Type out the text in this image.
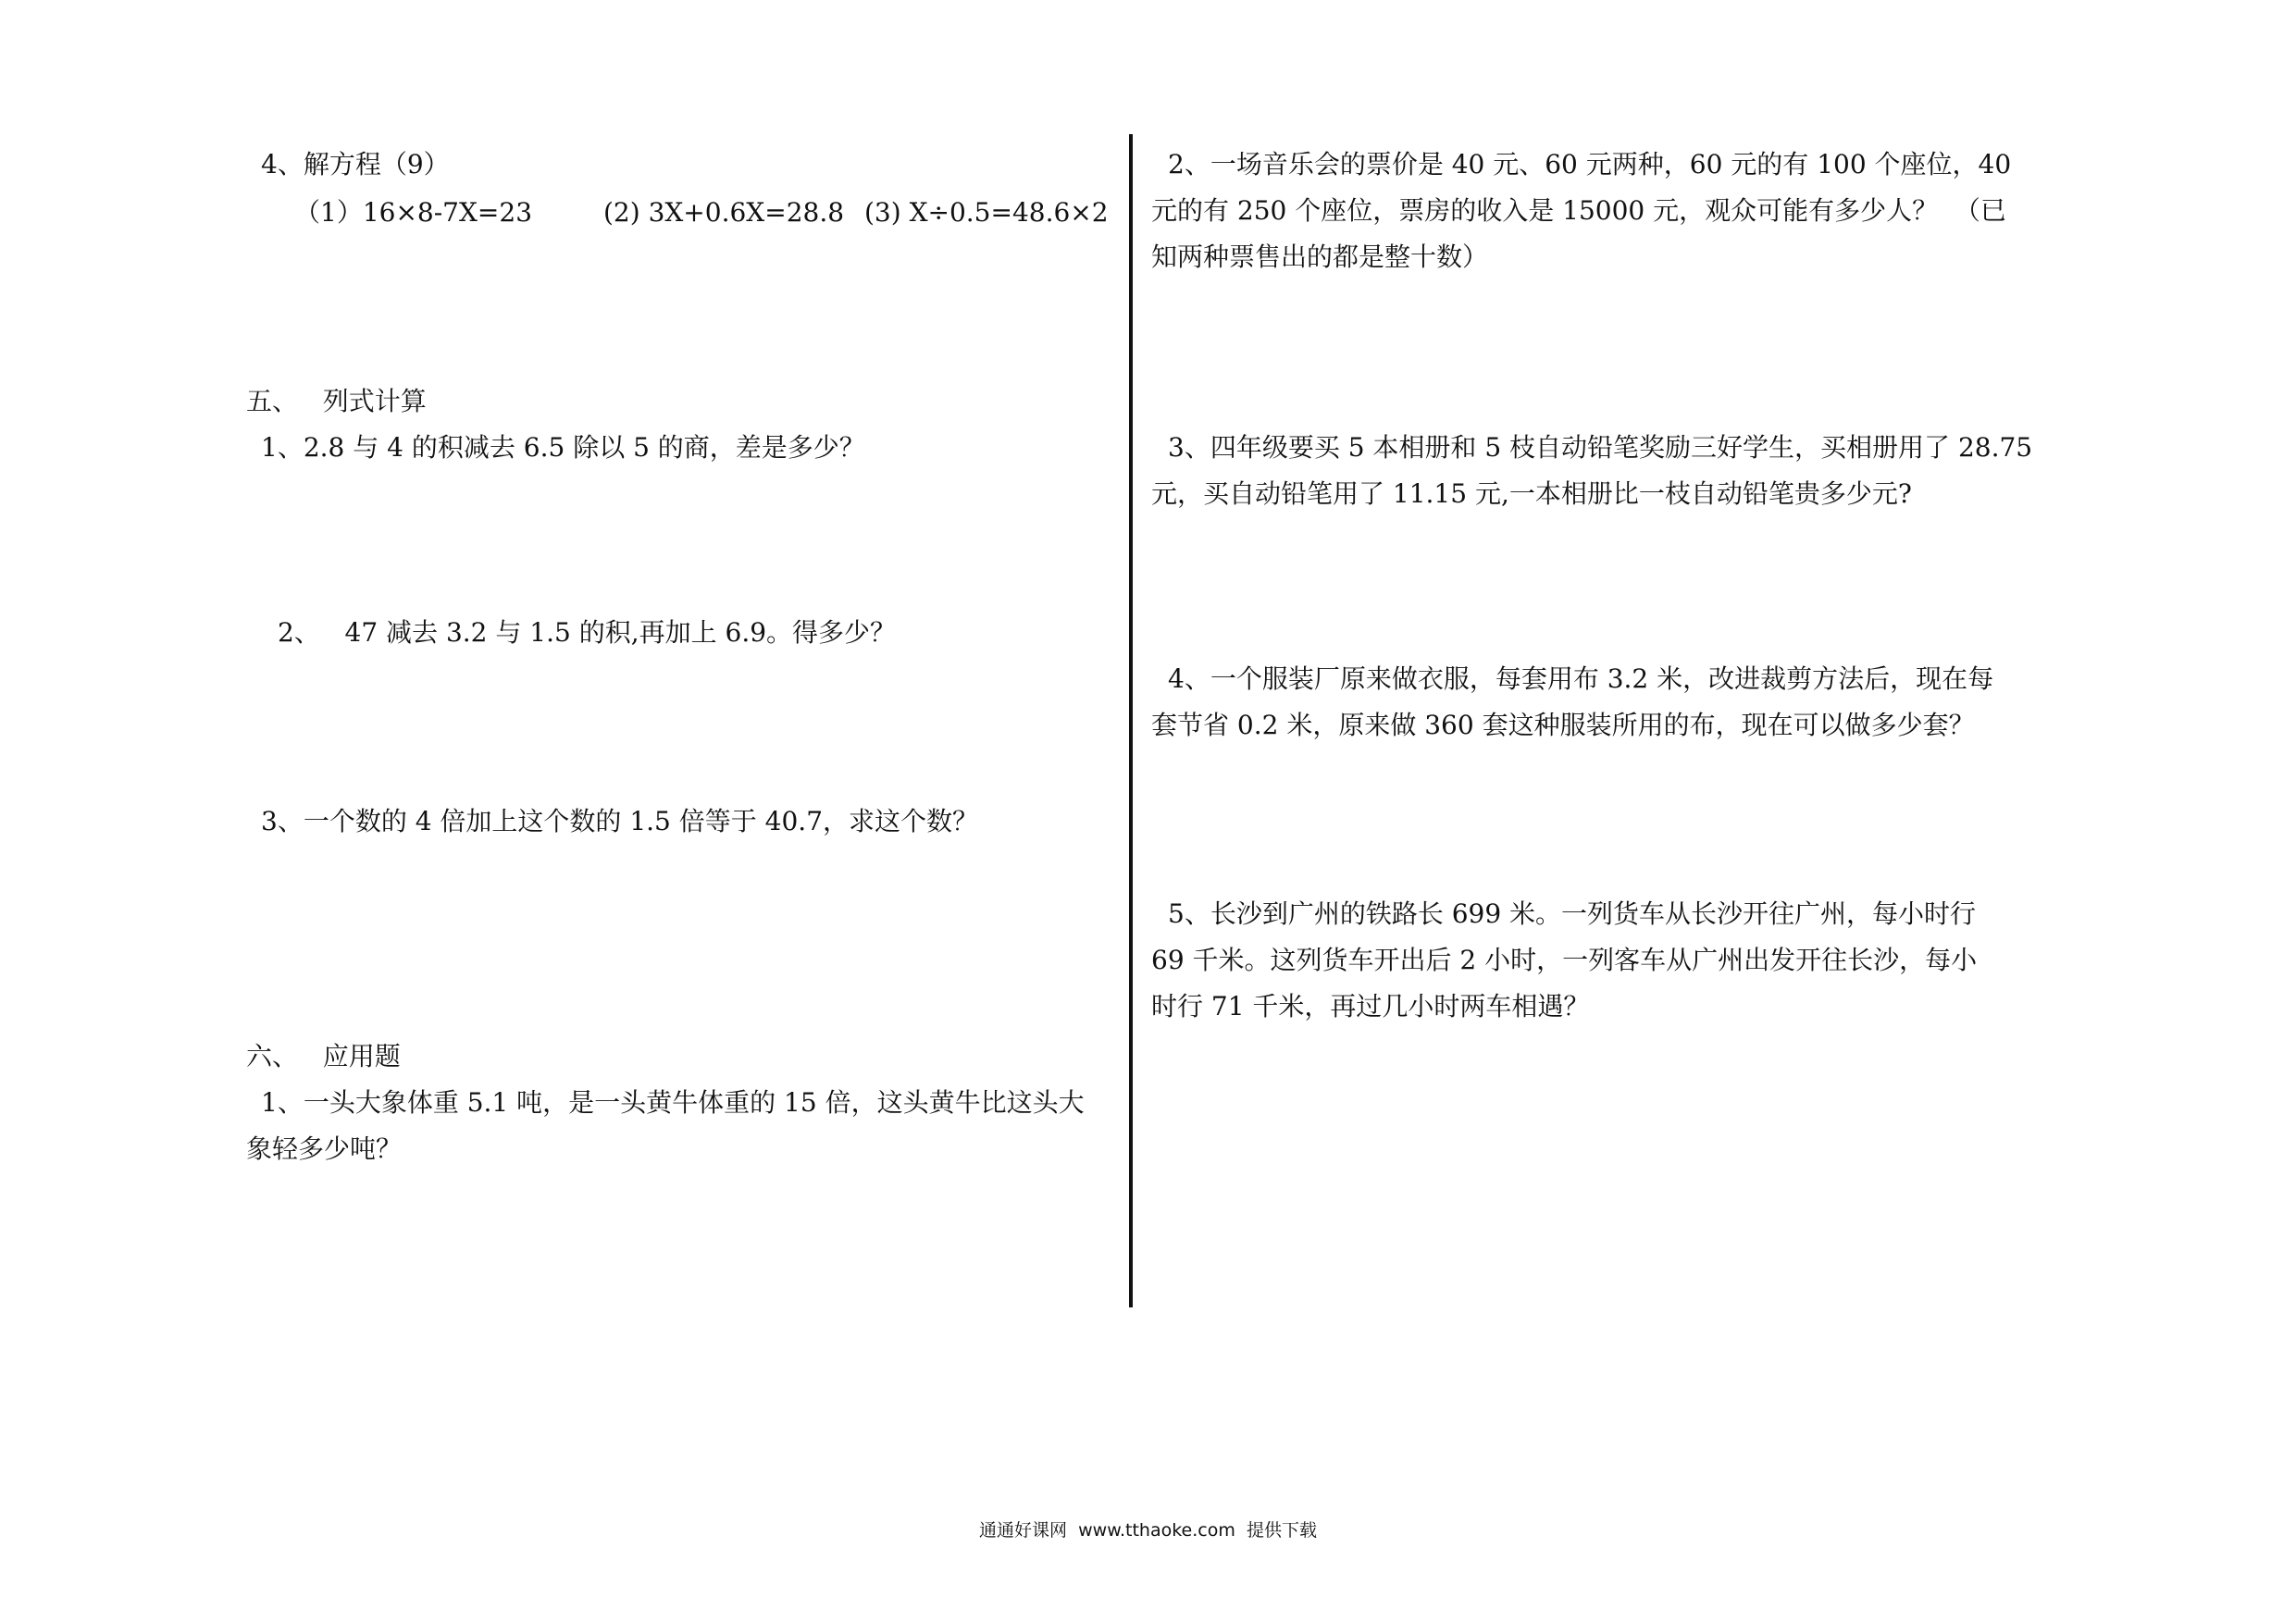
4、解方程（9）
（1）16×8-7X=23	(2) 3X+0.6X=28.8 (3) X÷0.5=48.6×2
五、   列式计算
1、2.8 与 4 的积减去 6.5 除以 5 的商，差是多少？
2、   47 减去 3.2 与 1.5 的积,再加上 6.9。得多少？
3、一个数的 4 倍加上这个数的 1.5 倍等于 40.7，求这个数？
六、   应用题
1、一头大象体重 5.1 吨，是一头黄牛体重的 15 倍，这头黄牛比这头大
象轻多少吨？
2、一场音乐会的票价是 40 元、60 元两种，60 元的有 100 个座位，40
元的有 250 个座位，票房的收入是 15000 元，观众可能有多少人？  （已
知两种票售出的都是整十数）
3、四年级要买 5 本相册和 5 枝自动铅笔奖励三好学生，买相册用了 28.75
元，买自动铅笔用了 11.15 元,一本相册比一枝自动铅笔贵多少元?
4、一个服装厂原来做衣服，每套用布 3.2 米，改进裁剪方法后，现在每
套节省 0.2 米，原来做 360 套这种服装所用的布，现在可以做多少套？
5、长沙到广州的铁路长 699 米。一列货车从长沙开往广州，每小时行
69 千米。这列货车开出后 2 小时，一列客车从广州出发开往长沙，每小
时行 71 千米，再过几小时两车相遇？
通通好课网  www.tthaoke.com  提供下载
